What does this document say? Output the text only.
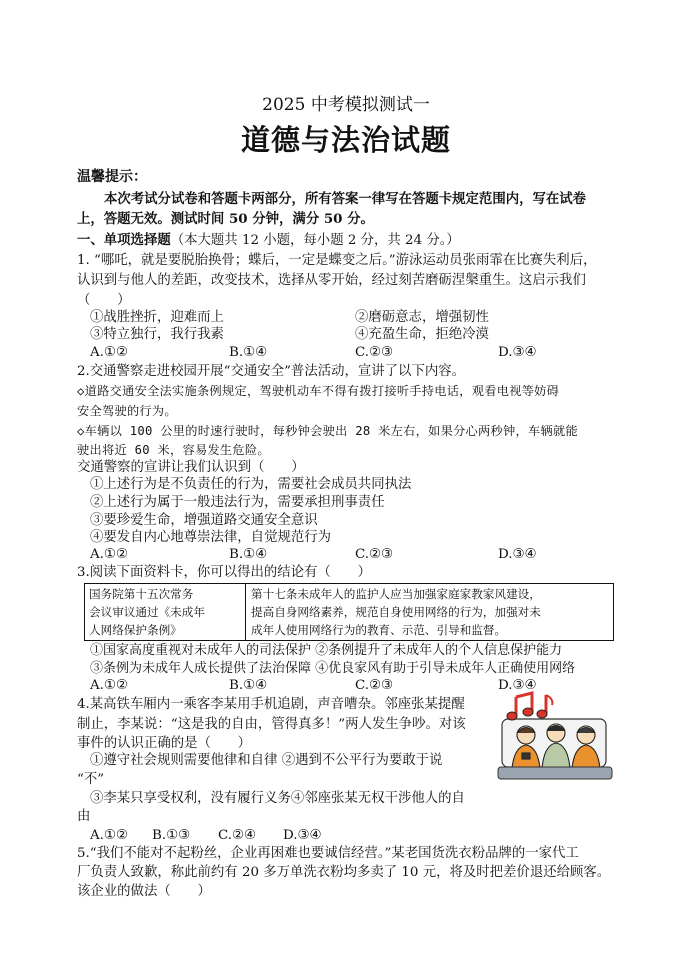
2025 中考模拟测试一
道德与法治试题
温馨提示：
本次考试分试卷和答题卡两部分，所有答案一律写在答题卡规定范围内，写在试卷
上，答题无效。测试时间 50 分钟，满分 50 分。
一、单项选择题（本大题共 12 小题，每小题 2 分，共 24 分。）
1. “哪吒，就是要脱胎换骨；蝶后，一定是蝶变之后。”游泳运动员张雨霏在比赛失利后，
认识到与他人的差距，改变技术，选择从零开始，经过刻苦磨砺涅槃重生。这启示我们
（　　）
①战胜挫折，迎难而上	②磨砺意志，增强韧性
③特立独行，我行我素	④充盈生命，拒绝冷漠
A.①②	B.①④	C.②③	D.③④
2.交通警察走进校园开展“交通安全”普法活动，宣讲了以下内容。
◇道路交通安全法实施条例规定，驾驶机动车不得有拨打接听手持电话，观看电视等妨碍
安全驾驶的行为。
◇车辆以 100 公里的时速行驶时，每秒钟会驶出 28 米左右，如果分心两秒钟，车辆就能
驶出将近 60 米，容易发生危险。
交通警察的宣讲让我们认识到（　　）
①上述行为是不负责任的行为，需要社会成员共同执法
②上述行为属于一般违法行为，需要承担刑事责任
③要珍爱生命，增强道路交通安全意识
④要发自内心地尊崇法律，自觉规范行为
A.①②	B.①④	C.②③	D.③④
3.阅读下面资料卡，你可以得出的结论有（　　）
国务院第十五次常务
会议审议通过《未成年
人网络保护条例》
第十七条未成年人的监护人应当加强家庭家教家风建设，
提高自身网络素养，规范自身使用网络的行为，加强对未
成年人使用网络行为的教育、示范、引导和监督。
①国家高度重视对未成年人的司法保护 ②条例提升了未成年人的个人信息保护能力
③条例为未成年人成长提供了法治保障 ④优良家风有助于引导未成年人正确使用网络
A.①②	B.①④	C.②③	D.③④
4.某高铁车厢内一乘客李某用手机追剧，声音嘈杂。邻座张某提醒
制止，李某说：“这是我的自由，管得真多！”两人发生争吵。对该
事件的认识正确的是（　　）
①遵守社会规则需要他律和自律 ②遇到不公平行为要敢于说
“不”
③李某只享受权利，没有履行义务④邻座张某无权干涉他人的自
由
A.①② B.①③ C.②④ D.③④
5.“我们不能对不起粉丝，企业再困难也要诚信经营。”某老国货洗衣粉品牌的一家代工
厂负责人致歉，称此前约有 20 多万单洗衣粉均多卖了 10 元，将及时把差价退还给顾客。
该企业的做法（　　）
